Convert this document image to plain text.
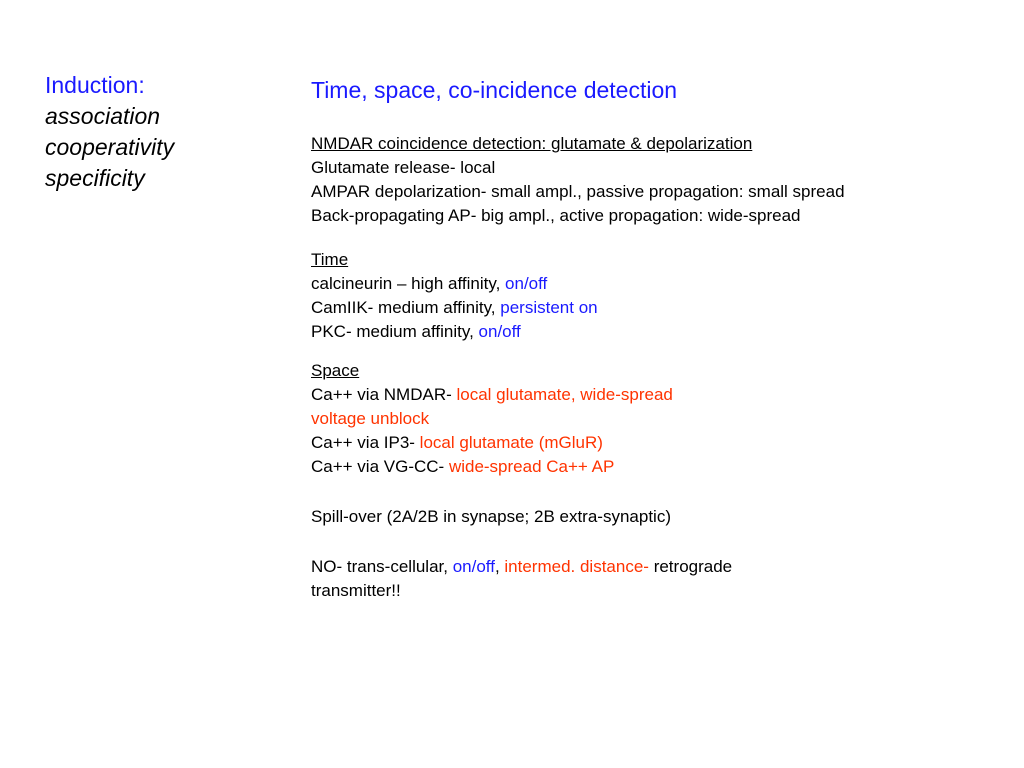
Induction:
association
cooperativity
specificity
Time, space, co-incidence detection
NMDAR coincidence detection: glutamate & depolarization
Glutamate release- local
AMPAR depolarization- small ampl., passive propagation: small spread
Back-propagating AP- big ampl., active propagation: wide-spread
Time
calcineurin – high affinity, on/off
CamIIK- medium affinity, persistent on
PKC- medium affinity, on/off
Space
Ca++ via NMDAR- local glutamate, wide-spread
voltage unblock
Ca++ via IP3- local glutamate (mGluR)
Ca++ via VG-CC- wide-spread Ca++ AP
Spill-over (2A/2B in synapse; 2B extra-synaptic)
NO- trans-cellular, on/off, intermed. distance- retrograde
transmitter!!
